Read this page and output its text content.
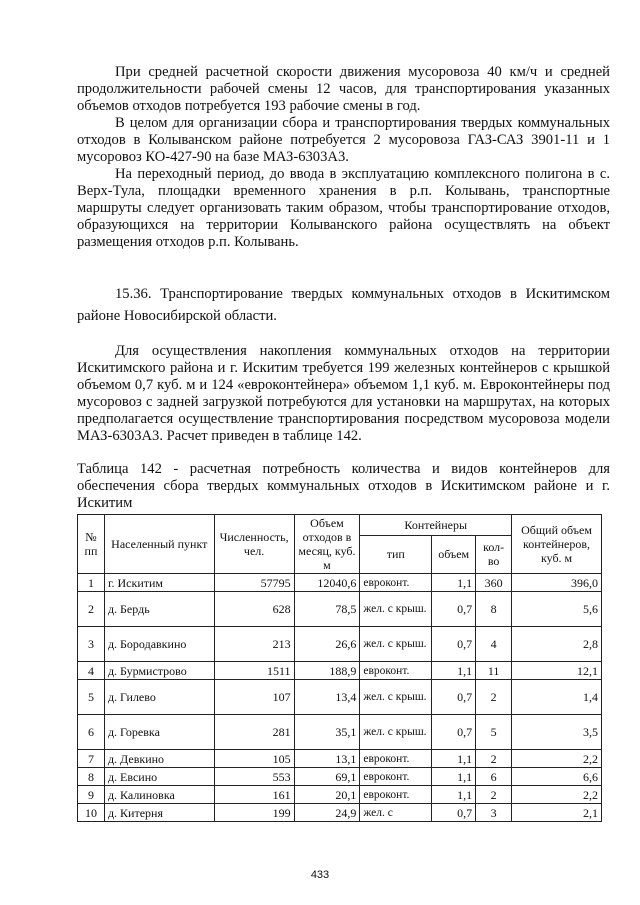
При средней расчетной скорости движения мусоровоза 40 км/ч и средней продолжительности рабочей смены 12 часов, для транспортирования указанных объемов отходов потребуется 193 рабочие смены в год.

В целом для организации сбора и транспортирования твердых коммунальных отходов в Колыванском районе потребуется 2 мусоровоза ГАЗ-САЗ 3901-11 и 1 мусоровоз КО-427-90 на базе МАЗ-6303А3.

На переходный период, до ввода в эксплуатацию комплексного полигона в с. Верх-Тула, площадки временного хранения в р.п. Колывань, транспортные маршруты следует организовать таким образом, чтобы транспортирование отходов, образующихся на территории Колыванского района осуществлять на объект размещения отходов р.п. Колывань.

15.36. Транспортирование твердых коммунальных отходов в Искитимском районе Новосибирской области.

Для осуществления накопления коммунальных отходов на территории Искитимского района и г. Искитим требуется 199 железных контейнеров с крышкой объемом 0,7 куб. м и 124 «евроконтейнера» объемом 1,1 куб. м. Евроконтейнеры под мусоровоз с задней загрузкой потребуются для установки на маршрутах, на которых предполагается осуществление транспортирования посредством мусоровоза модели МАЗ-6303А3. Расчет приведен в таблице 142.

Таблица 142 - расчетная потребность количества и видов контейнеров для обеспечения сбора твердых коммунальных отходов в Искитимском районе и г. Искитим

№ пп	Населенный пункт	Численность, чел.	Объем отходов в месяц, куб. м	Контейнеры			Общий объем контейнеров, куб. м
				тип	объем	кол-во	
1	г. Искитим	57795	12040,6	евроконт.	1,1	360	396,0
2	д. Бердь	628	78,5	жел. с крыш.	0,7	8	5,6
3	д. Бородавкино	213	26,6	жел. с крыш.	0,7	4	2,8
4	д. Бурмистрово	1511	188,9	евроконт.	1,1	11	12,1
5	д. Гилево	107	13,4	жел. с крыш.	0,7	2	1,4
6	д. Горевка	281	35,1	жел. с крыш.	0,7	5	3,5
7	д. Девкино	105	13,1	евроконт.	1,1	2	2,2
8	д. Евсино	553	69,1	евроконт.	1,1	6	6,6
9	д. Калиновка	161	20,1	евроконт.	1,1	2	2,2
10	д. Китерня	199	24,9	жел. с	0,7	3	2,1
433
